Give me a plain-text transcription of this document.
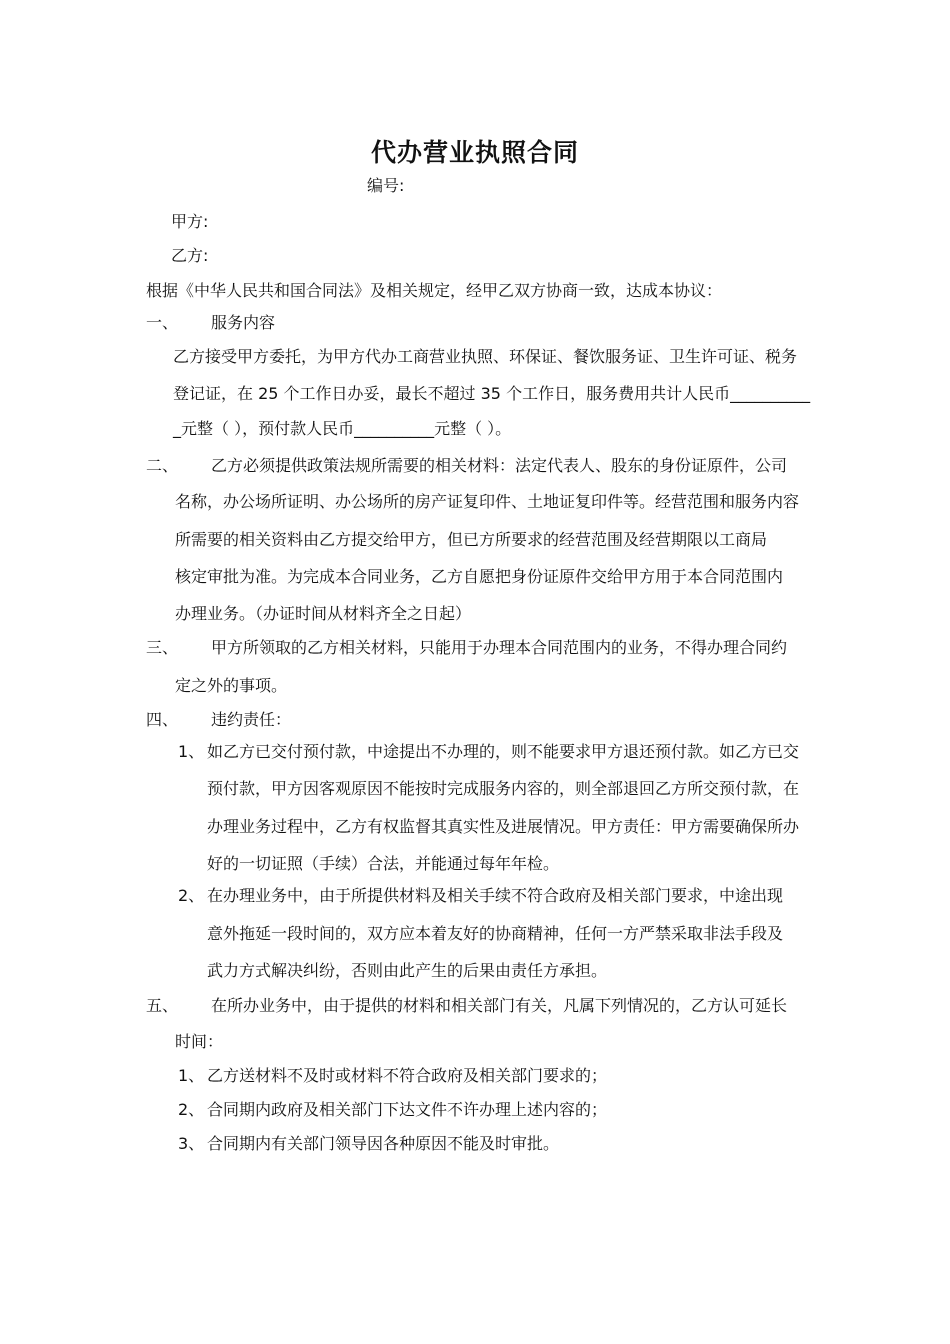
代办营业执照合同
编号:
甲方:
乙方:
根据《中华人民共和国合同法》及相关规定，经甲乙双方协商一致，达成本协议：
一、 服务内容
乙方接受甲方委托，为甲方代办工商营业执照、环保证、餐饮服务证、卫生许可证、税务
登记证，在 25 个工作日办妥，最长不超过 35 个工作日，服务费用共计人民币__________
_元整（ ），预付款人民币__________元整（ ）。
二、 乙方必须提供政策法规所需要的相关材料：法定代表人、股东的身份证原件，公司
名称，办公场所证明、办公场所的房产证复印件、土地证复印件等。经营范围和服务内容
所需要的相关资料由乙方提交给甲方，但已方所要求的经营范围及经营期限以工商局
核定审批为准。为完成本合同业务，乙方自愿把身份证原件交给甲方用于本合同范围内
办理业务。（办证时间从材料齐全之日起）
三、 甲方所领取的乙方相关材料，只能用于办理本合同范围内的业务，不得办理合同约
定之外的事项。
四、 违约责任：
1、 如乙方已交付预付款，中途提出不办理的，则不能要求甲方退还预付款。如乙方已交
预付款，甲方因客观原因不能按时完成服务内容的，则全部退回乙方所交预付款，在
办理业务过程中，乙方有权监督其真实性及进展情况。甲方责任：甲方需要确保所办
好的一切证照（手续）合法，并能通过每年年检。
2、 在办理业务中，由于所提供材料及相关手续不符合政府及相关部门要求，中途出现
意外拖延一段时间的，双方应本着友好的协商精神，任何一方严禁采取非法手段及
武力方式解决纠纷，否则由此产生的后果由责任方承担。
五、 在所办业务中，由于提供的材料和相关部门有关，凡属下列情况的，乙方认可延长
时间：
1、 乙方送材料不及时或材料不符合政府及相关部门要求的；
2、 合同期内政府及相关部门下达文件不许办理上述内容的；
3、 合同期内有关部门领导因各种原因不能及时审批。
